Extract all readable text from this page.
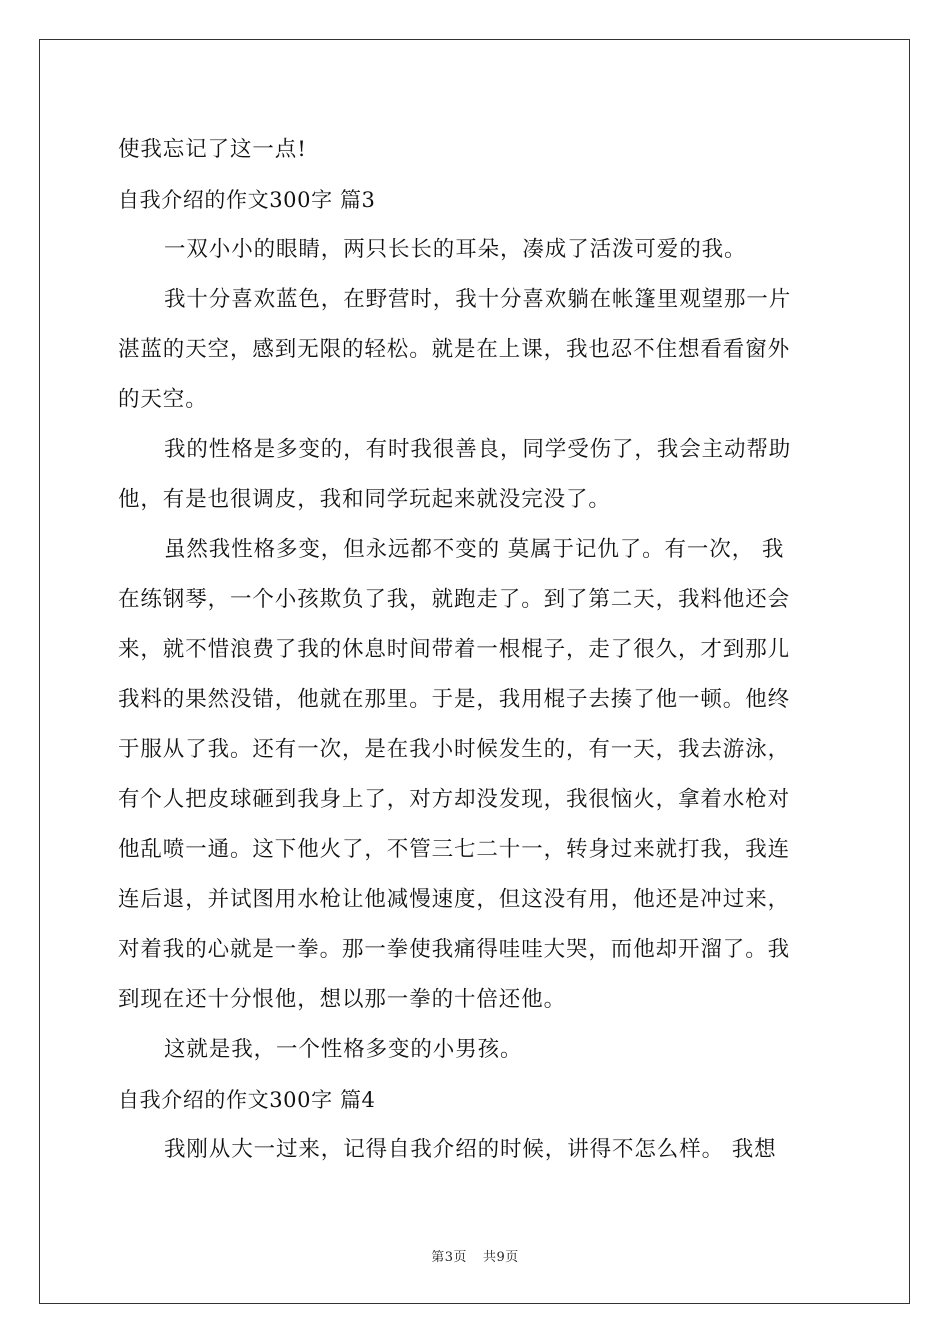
使我忘记了这一点!
自我介绍的作文300字 篇3
一双小小的眼睛，两只长长的耳朵，凑成了活泼可爱的我。
我十分喜欢蓝色，在野营时，我十分喜欢躺在帐篷里观望那一片
湛蓝的天空，感到无限的轻松。就是在上课，我也忍不住想看看窗外
的天空。
我的性格是多变的，有时我很善良，同学受伤了，我会主动帮助
他，有是也很调皮，我和同学玩起来就没完没了。
虽然我性格多变，但永远都不变的 莫属于记仇了。有一次， 我
在练钢琴，一个小孩欺负了我，就跑走了。到了第二天，我料他还会
来，就不惜浪费了我的休息时间带着一根棍子，走了很久，才到那儿
我料的果然没错，他就在那里。于是，我用棍子去揍了他一顿。他终
于服从了我。还有一次，是在我小时候发生的，有一天，我去游泳，
有个人把皮球砸到我身上了，对方却没发现，我很恼火，拿着水枪对
他乱喷一通。这下他火了，不管三七二十一，转身过来就打我，我连
连后退，并试图用水枪让他减慢速度，但这没有用，他还是冲过来，
对着我的心就是一拳。那一拳使我痛得哇哇大哭，而他却开溜了。我
到现在还十分恨他，想以那一拳的十倍还他。
这就是我，一个性格多变的小男孩。
自我介绍的作文300字 篇4
我刚从大一过来，记得自我介绍的时候，讲得不怎么样。 我想
第3页 共9页
